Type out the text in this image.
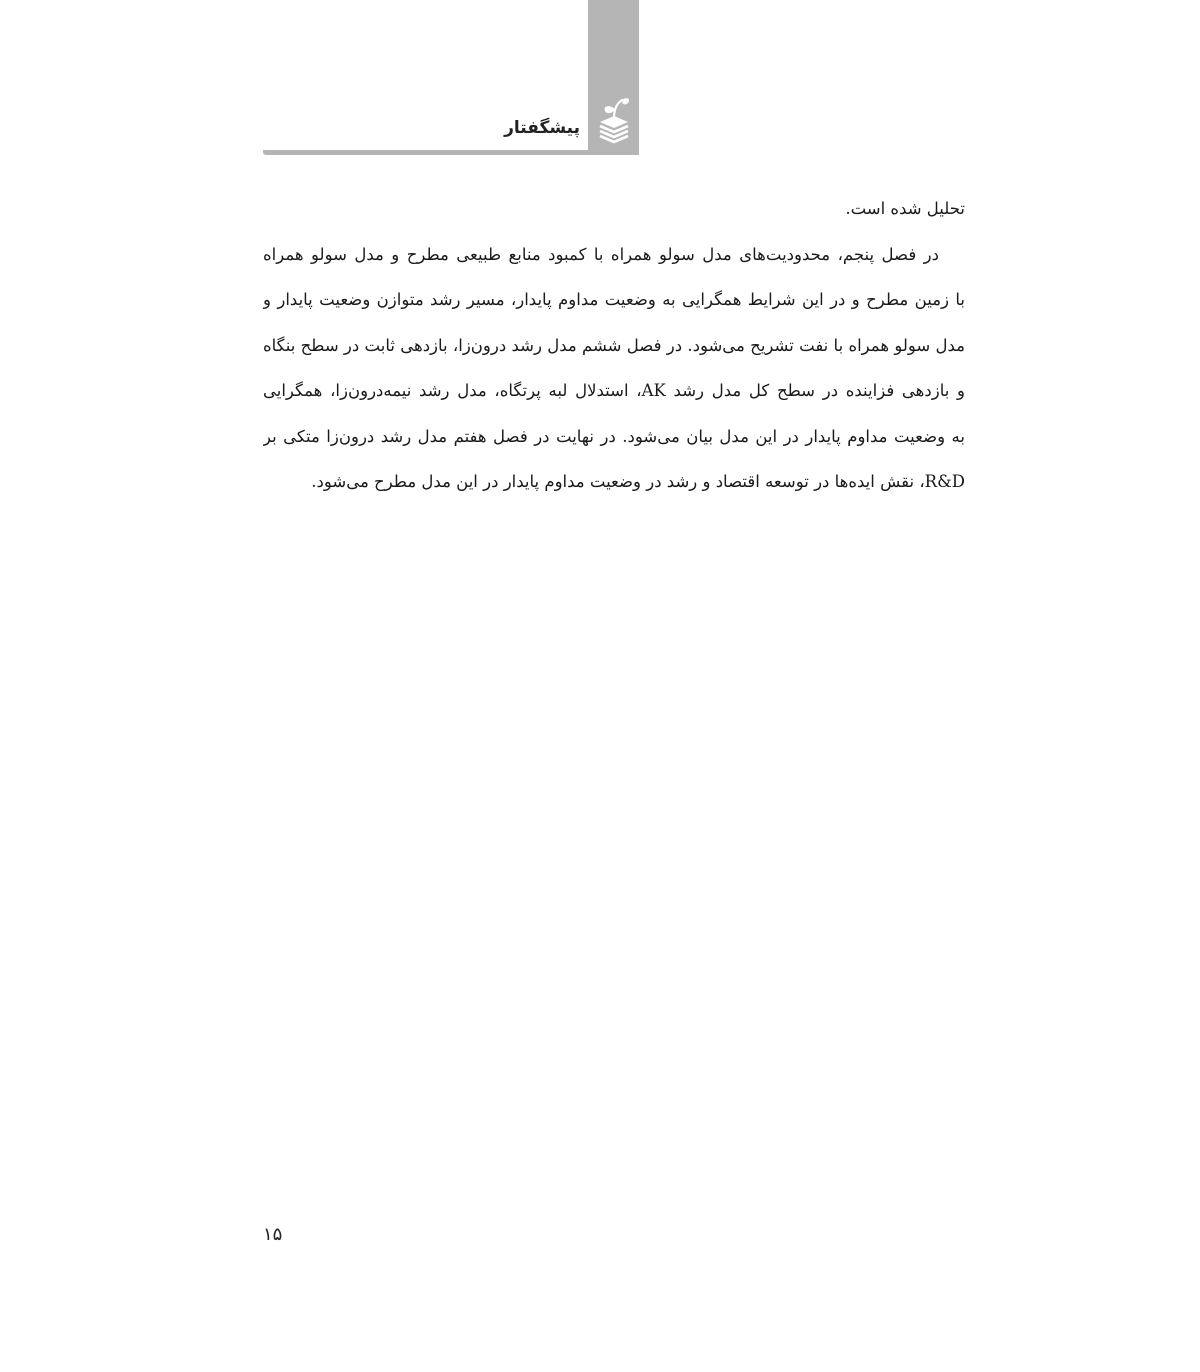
پیشگفتار
تحلیل شده است.
در فصل پنجم، محدودیت‌های مدل سولو همراه با کمبود منابع طبیعی مطرح و مدل سولو همراه
با زمین مطرح و در این شرایط همگرایی به وضعیت مداوم پایدار، مسیر رشد متوازن وضعیت پایدار و
مدل سولو همراه با نفت تشریح می‌شود. در فصل ششم مدل رشد درون‌زا، بازدهی ثابت در سطح بنگاه
و بازدهی فزاینده در سطح کل مدل رشد AK، استدلال لبه پرتگاه، مدل رشد نیمه‌درون‌زا، همگرایی
به وضعیت مداوم پایدار در این مدل بیان می‌شود. در نهایت در فصل هفتم مدل رشد درون‌زا متکی بر
R&D، نقش ایده‌ها در توسعه اقتصاد و رشد در وضعیت مداوم پایدار در این مدل مطرح می‌شود.
۱۵
